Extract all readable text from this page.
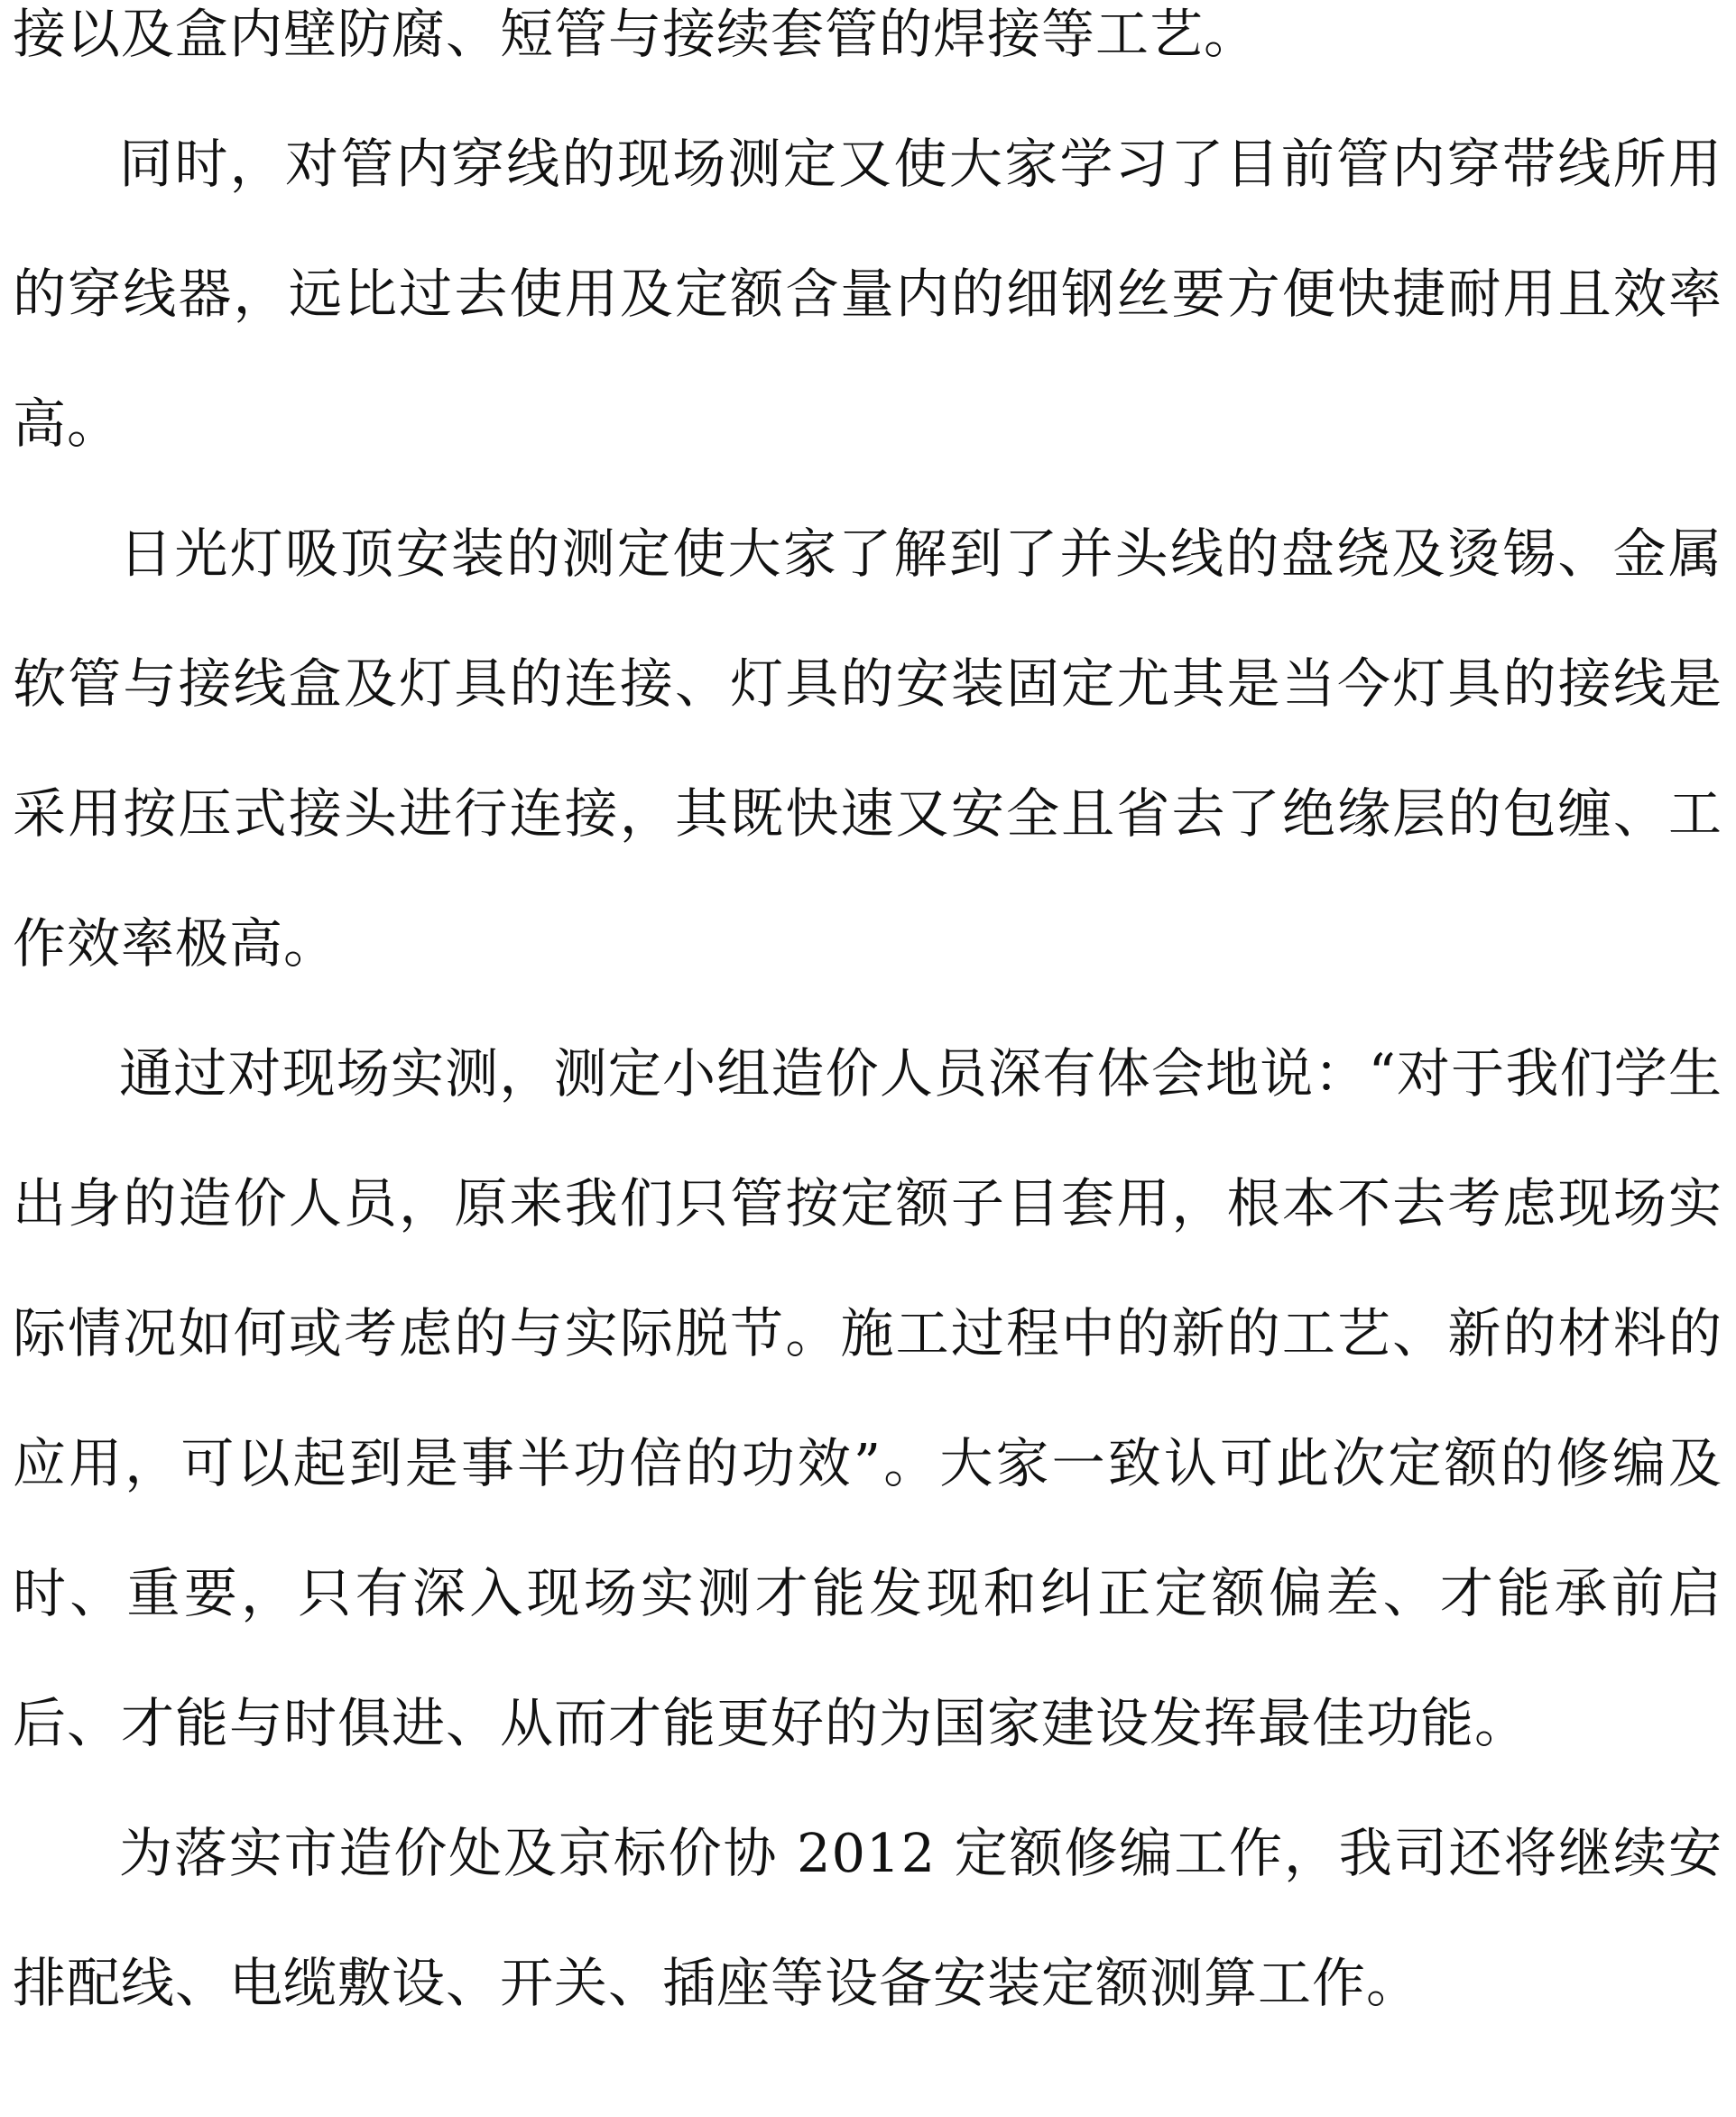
接以及盒内壁防腐、短管与接续套管的焊接等工艺。

同时，对管内穿线的现场测定又使大家学习了目前管内穿带线所用的穿线器，远比过去使用及定额含量内的细钢丝要方便快捷耐用且效率高。

日光灯吸顶安装的测定使大家了解到了并头线的盘绕及烫锡、金属软管与接线盒及灯具的连接、灯具的安装固定尤其是当今灯具的接线是采用按压式接头进行连接，其既快速又安全且省去了绝缘层的包缠、工作效率极高。

通过对现场实测，测定小组造价人员深有体会地说：“对于我们学生出身的造价人员，原来我们只管按定额子目套用，根本不去考虑现场实际情况如何或考虑的与实际脱节。施工过程中的新的工艺、新的材料的应用，可以起到是事半功倍的功效”。大家一致认可此次定额的修编及时、重要，只有深入现场实测才能发现和纠正定额偏差、才能承前启后、才能与时俱进、从而才能更好的为国家建设发挥最佳功能。

为落实市造价处及京标价协 2012 定额修编工作，我司还将继续安排配线、电缆敷设、开关、插座等设备安装定额测算工作。
